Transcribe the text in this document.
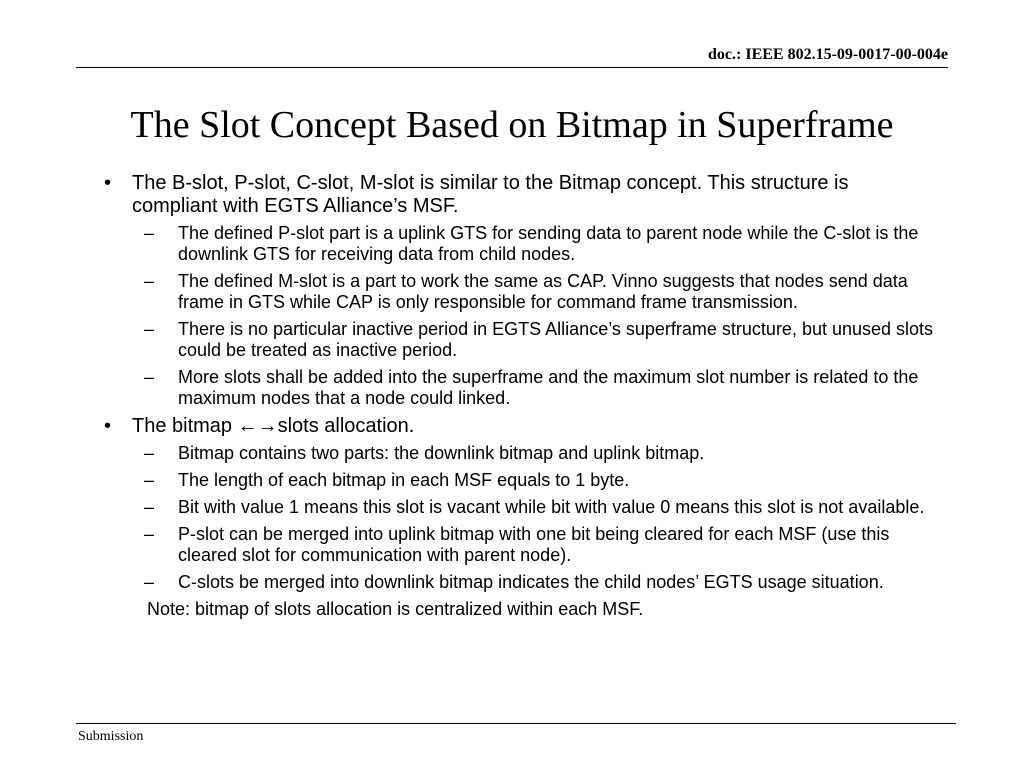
doc.: IEEE 802.15-09-0017-00-004e
The Slot Concept Based on Bitmap in Superframe
• The B-slot, P-slot, C-slot, M-slot is similar to the Bitmap concept. This structure is compliant with EGTS Alliance’s MSF.
– The defined P-slot part is a uplink GTS for sending data to parent node while the C-slot is the downlink GTS for receiving data from child nodes.
– The defined M-slot is a part to work the same as CAP. Vinno suggests that nodes send data frame in GTS while CAP is only responsible for command frame transmission.
– There is no particular inactive period in EGTS Alliance’s superframe structure, but unused slots could be treated as inactive period.
– More slots shall be added into the superframe and the maximum slot number is related to the maximum nodes that a node could linked.
• The bitmap ←→slots allocation.
– Bitmap contains two parts: the downlink bitmap and uplink bitmap.
– The length of each bitmap in each MSF equals to 1 byte.
– Bit with value 1 means this slot is vacant while bit with value 0 means this slot is not available.
– P-slot can be merged into uplink bitmap with one bit being cleared for each MSF (use this cleared slot for communication with parent node).
– C-slots be merged into downlink bitmap indicates the child nodes’ EGTS usage situation.
Note: bitmap of slots allocation is centralized within each MSF.
Submission
